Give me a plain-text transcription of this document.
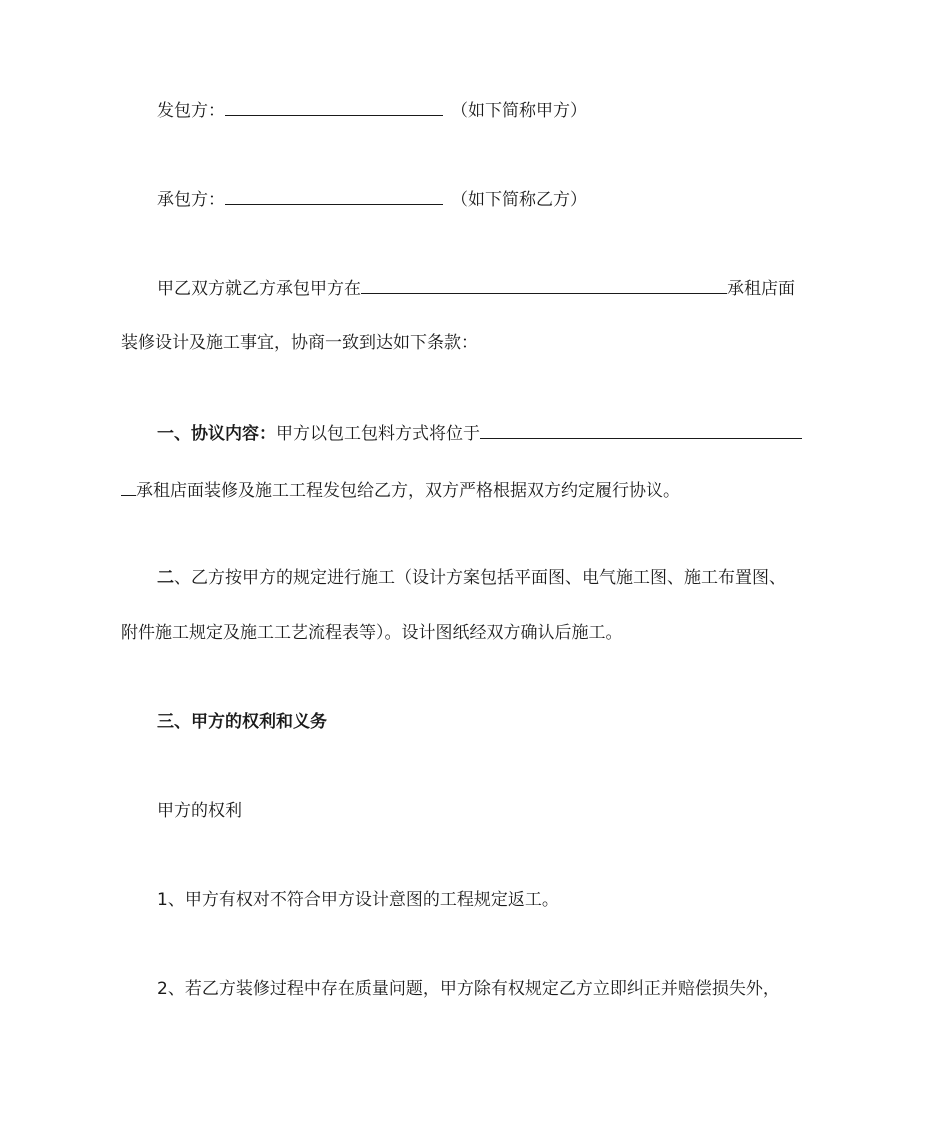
发包方：	（如下简称甲方）
承包方：	（如下简称乙方）
甲乙双方就乙方承包甲方在	承租店面
装修设计及施工事宜，协商一致到达如下条款：
一、协议内容：甲方以包工包料方式将位于
承租店面装修及施工工程发包给乙方，双方严格根据双方约定履行协议。
二、乙方按甲方的规定进行施工（设计方案包括平面图、电气施工图、施工布置图、
附件施工规定及施工工艺流程表等）。设计图纸经双方确认后施工。
三、甲方的权利和义务
甲方的权利
1、甲方有权对不符合甲方设计意图的工程规定返工。
2、若乙方装修过程中存在质量问题，甲方除有权规定乙方立即纠正并赔偿损失外，
